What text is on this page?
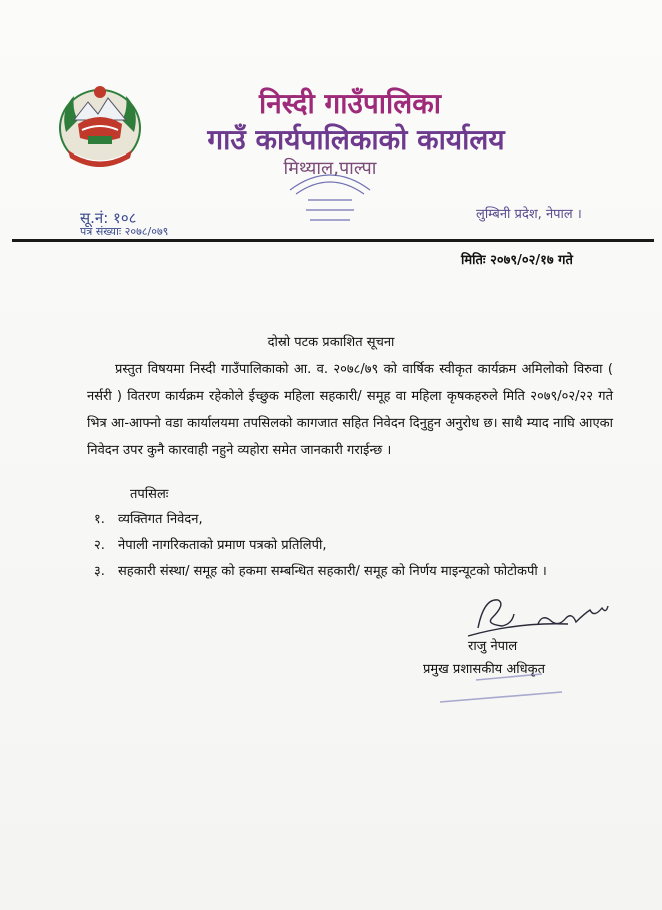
निस्दी गाउँपालिका
गाउँ कार्यपालिकाको कार्यालय
मिथ्याल,पाल्पा
सू.नं: १०८
पत्र संख्याः २०७८/०७९
लुम्बिनी प्रदेश, नेपाल ।
मितिः २०७९/०२/१७ गते
दोस्रो पटक प्रकाशित सूचना
प्रस्तुत विषयमा निस्दी गाउँपालिकाको आ. व. २०७८/७९ को वार्षिक स्वीकृत कार्यक्रम अमिलोको विरुवा ( नर्सरी ) वितरण कार्यक्रम रहेकोले ईच्छुक महिला सहकारी/ समूह वा महिला कृषकहरुले मिति २०७९/०२/२२ गते भित्र आ-आफ्नो वडा कार्यालयमा तपसिलको कागजात सहित निवेदन दिनुहुन अनुरोध छ। साथै म्याद नाघि आएका निवेदन उपर कुनै कारवाही नहुने व्यहोरा समेत जानकारी गराईन्छ ।
तपसिलः
१. व्यक्तिगत निवेदन,
२. नेपाली नागरिकताको प्रमाण पत्रको प्रतिलिपी,
३. सहकारी संस्था/ समूह को हकमा सम्बन्धित सहकारी/ समूह को निर्णय माइन्यूटको फोटोकपी ।
राजु नेपाल
प्रमुख प्रशासकीय अधिकृत
